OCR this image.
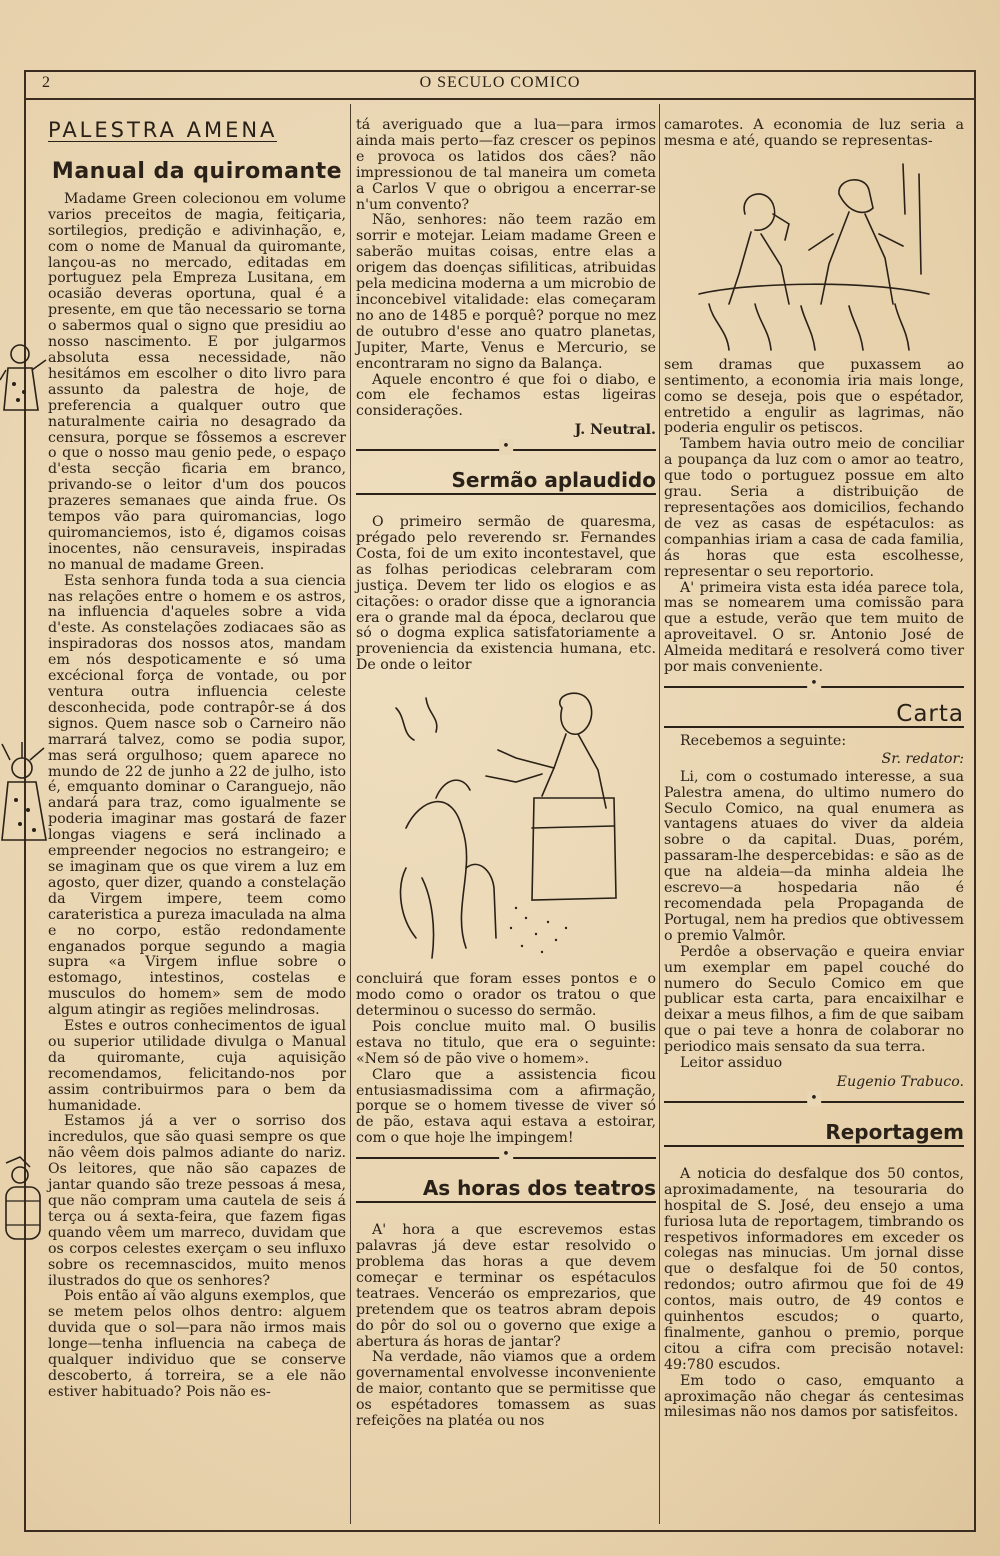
2	O SECULO COMICO
PALESTRA AMENA
Manual da quiromante

Madame Green colecionou em volume varios preceitos de magia, feitiçaria, sortilegios, predição e adivinhação, e, com o nome de Manual da quiromante, lançou-as no mercado, editadas em portuguez pela Empreza Lusitana, em ocasião deveras oportuna, qual é a presente, em que tão necessario se torna o sabermos qual o signo que presidiu ao nosso nascimento. E por julgarmos absoluta essa necessidade, não hesitámos em escolher o dito livro para assunto da palestra de hoje, de preferencia a qualquer outro que naturalmente cairia no desagrado da censura, porque se fôssemos a escrever o que o nosso mau genio pede, o espaço d'esta secção ficaria em branco, privando-se o leitor d'um dos poucos prazeres semanaes que ainda frue. Os tempos vão para quiromancias, logo quiromanciemos, isto é, digamos coisas inocentes, não censuraveis, inspiradas no manual de madame Green.

Esta senhora funda toda a sua ciencia nas relações entre o homem e os astros, na influencia d'aqueles sobre a vida d'este. As constelações zodiacaes são as inspiradoras dos nossos atos, mandam em nós despoticamente e só uma excécional força de vontade, ou por ventura outra influencia celeste desconhecida, pode contrapôr-se á dos signos. Quem nasce sob o Carneiro não marrará talvez, como se podia supor, mas será orgulhoso; quem aparece no mundo de 22 de junho a 22 de julho, isto é, emquanto dominar o Caranguejo, não andará para traz, como igualmente se poderia imaginar mas gostará de fazer longas viagens e será inclinado a empreender negocios no estrangeiro; e se imaginam que os que virem a luz em agosto, quer dizer, quando a constelação da Virgem impere, teem como carateristica a pureza imaculada na alma e no corpo, estão redondamente enganados porque segundo a magia supra «a Virgem influe sobre o estomago, intestinos, costelas e musculos do homem» sem de modo algum atingir as regiões melindrosas.

Estes e outros conhecimentos de igual ou superior utilidade divulga o Manual da quiromante, cuja aquisição recomendamos, felicitando-nos por assim contribuirmos para o bem da humanidade.

Estamos já a ver o sorriso dos incredulos, que são quasi sempre os que não vêem dois palmos adiante do nariz. Os leitores, que não são capazes de jantar quando são treze pessoas á mesa, que não compram uma cautela de seis á terça ou á sexta-feira, que fazem figas quando vêem um marreco, duvidam que os corpos celestes exerçam o seu influxo sobre os recemnascidos, muito menos ilustrados do que os senhores?

Pois então aí vão alguns exemplos, que se metem pelos olhos dentro: alguem duvida que o sol—para não irmos mais longe—tenha influencia na cabeça de qualquer individuo que se conserve descoberto, á torreira, se a ele não estiver habituado? Pois não es-

tá averiguado que a lua—para irmos ainda mais perto—faz crescer os pepinos e provoca os latidos dos cães? não impressionou de tal maneira um cometa a Carlos V que o obrigou a encerrar-se n'um convento?

Não, senhores: não teem razão em sorrir e motejar. Leiam madame Green e saberão muitas coisas, entre elas a origem das doenças sifiliticas, atribuidas pela medicina moderna a um microbio de inconcebivel vitalidade: elas começaram no ano de 1485 e porquê? porque no mez de outubro d'esse ano quatro planetas, Jupiter, Marte, Venus e Mercurio, se encontraram no signo da Balança.

Aquele encontro é que foi o diabo, e com ele fechamos estas ligeiras considerações.

J. Neutral.
•
Sermão aplaudido

O primeiro sermão de quaresma, prégado pelo reverendo sr. Fernandes Costa, foi de um exito incontestavel, que as folhas periodicas celebraram com justiça. Devem ter lido os elogios e as citações: o orador disse que a ignorancia era o grande mal da época, declarou que só o dogma explica satisfatoriamente a proveniencia da existencia humana, etc. De onde o leitor

concluirá que foram esses pontos e o modo como o orador os tratou o que determinou o sucesso do sermão.

Pois conclue muito mal. O busilis estava no titulo, que era o seguinte: «Nem só de pão vive o homem».

Claro que a assistencia ficou entusiasmadissima com a afirmação, porque se o homem tivesse de viver só de pão, estava aqui estava a estoirar, com o que hoje lhe impingem!

•
As horas dos teatros

A' hora a que escrevemos estas palavras já deve estar resolvido o problema das horas a que devem começar e terminar os espétaculos teatraes. Venceráo os emprezarios, que pretendem que os teatros abram depois do pôr do sol ou o governo que exige a abertura ás horas de jantar?

Na verdade, não viamos que a ordem governamental envolvesse inconveniente de maior, contanto que se permitisse que os espétadores tomassem as suas refeições na platéa ou nos

camarotes. A economia de luz seria a mesma e até, quando se representas-

sem dramas que puxassem ao sentimento, a economia iria mais longe, como se deseja, pois que o espétador, entretido a engulir as lagrimas, não poderia engulir os petiscos.

Tambem havia outro meio de conciliar a poupança da luz com o amor ao teatro, que todo o portuguez possue em alto grau. Seria a distribuição de representações aos domicilios, fechando de vez as casas de espétaculos: as companhias iriam a casa de cada familia, ás horas que esta escolhesse, representar o seu reportorio.

A' primeira vista esta idéa parece tola, mas se nomearem uma comissão para que a estude, verão que tem muito de aproveitavel. O sr. Antonio José de Almeida meditará e resolverá como tiver por mais conveniente.

•
Carta

Recebemos a seguinte:

Sr. redator:

Li, com o costumado interesse, a sua Palestra amena, do ultimo numero do Seculo Comico, na qual enumera as vantagens atuaes do viver da aldeia sobre o da capital. Duas, porém, passaram-lhe despercebidas: e são as de que na aldeia—da minha aldeia lhe escrevo—a hospedaria não é recomendada pela Propaganda de Portugal, nem ha predios que obtivessem o premio Valmôr.

Perdôe a observação e queira enviar um exemplar em papel couché do numero do Seculo Comico em que publicar esta carta, para encaixilhar e deixar a meus filhos, a fim de que saibam que o pai teve a honra de colaborar no periodico mais sensato da sua terra.

Leitor assiduo

Eugenio Trabuco.
•
Reportagem

A noticia do desfalque dos 50 contos, aproximadamente, na tesouraria do hospital de S. José, deu ensejo a uma furiosa luta de reportagem, timbrando os respetivos informadores em exceder os colegas nas minucias. Um jornal disse que o desfalque foi de 50 contos, redondos; outro afirmou que foi de 49 contos, mais outro, de 49 contos e quinhentos escudos; o quarto, finalmente, ganhou o premio, porque citou a cifra com precisão notavel: 49:780 escudos.

Em todo o caso, emquanto a aproximação não chegar ás centesimas milesimas não nos damos por satisfeitos.
